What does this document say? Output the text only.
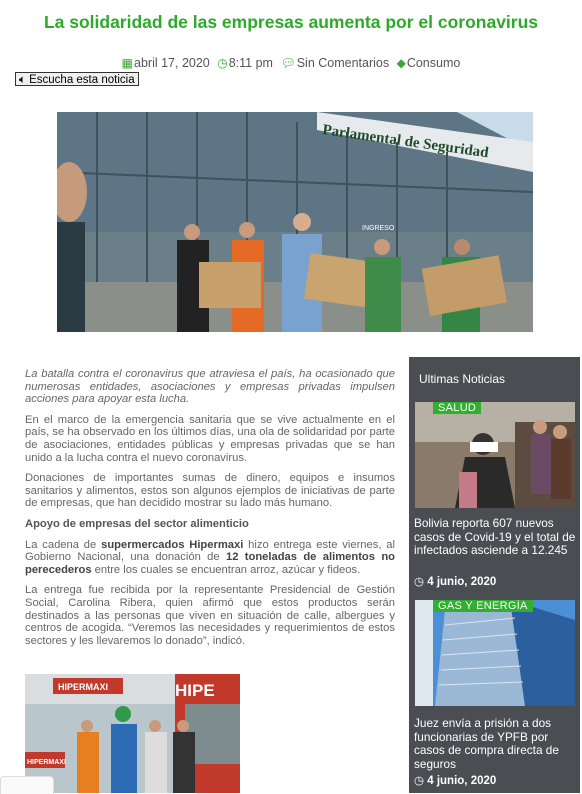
La solidaridad de las empresas aumenta por el coronavirus
▦abril 17, 2020 ◷8:11 pm 💬︎Sin Comentarios ◆Consumo
🔈︎ Escucha esta noticia
Parlamental de Seguridad
INGRESO

La batalla contra el coronavirus que atraviesa el país, ha ocasionado que numerosas entidades, asociaciones y empresas privadas impulsen acciones para apoyar esta lucha.

En el marco de la emergencia sanitaria que se vive actualmente en el país, se ha observado en los últimos días, una ola de solidaridad por parte de asociaciones, entidades públicas y empresas privadas que se han unido a la lucha contra el nuevo coronavirus.

Donaciones de importantes sumas de dinero, equipos e insumos sanitarios y alimentos, estos son algunos ejemplos de iniciativas de parte de empresas, que han decidido mostrar su lado más humano.

Apoyo de empresas del sector alimenticio

La cadena de supermercados Hipermaxi hizo entrega este viernes, al Gobierno Nacional, una donación de 12 toneladas de alimentos no perecederos entre los cuales se encuentran arroz, azúcar y fideos.

La entrega fue recibida por la representante Presidencial de Gestión Social, Carolina Ribera, quien afirmó que estos productos serán destinados a las personas que viven en situación de calle, albergues y centros de acogida. “Veremos las necesidades y requerimientos de estos sectores y les llevaremos lo donado”, indicó.

HIPE
HIPERMAXI
HIPERMAXI
Ultimas Noticias
SALUD
Bolivia reporta 607 nuevos casos de Covid-19 y el total de infectados asciende a 12.245
◷ 4 junio, 2020
GAS Y ENERGÍA
Juez envía a prisión a dos funcionarias de YPFB por casos de compra directa de seguros
◷ 4 junio, 2020
